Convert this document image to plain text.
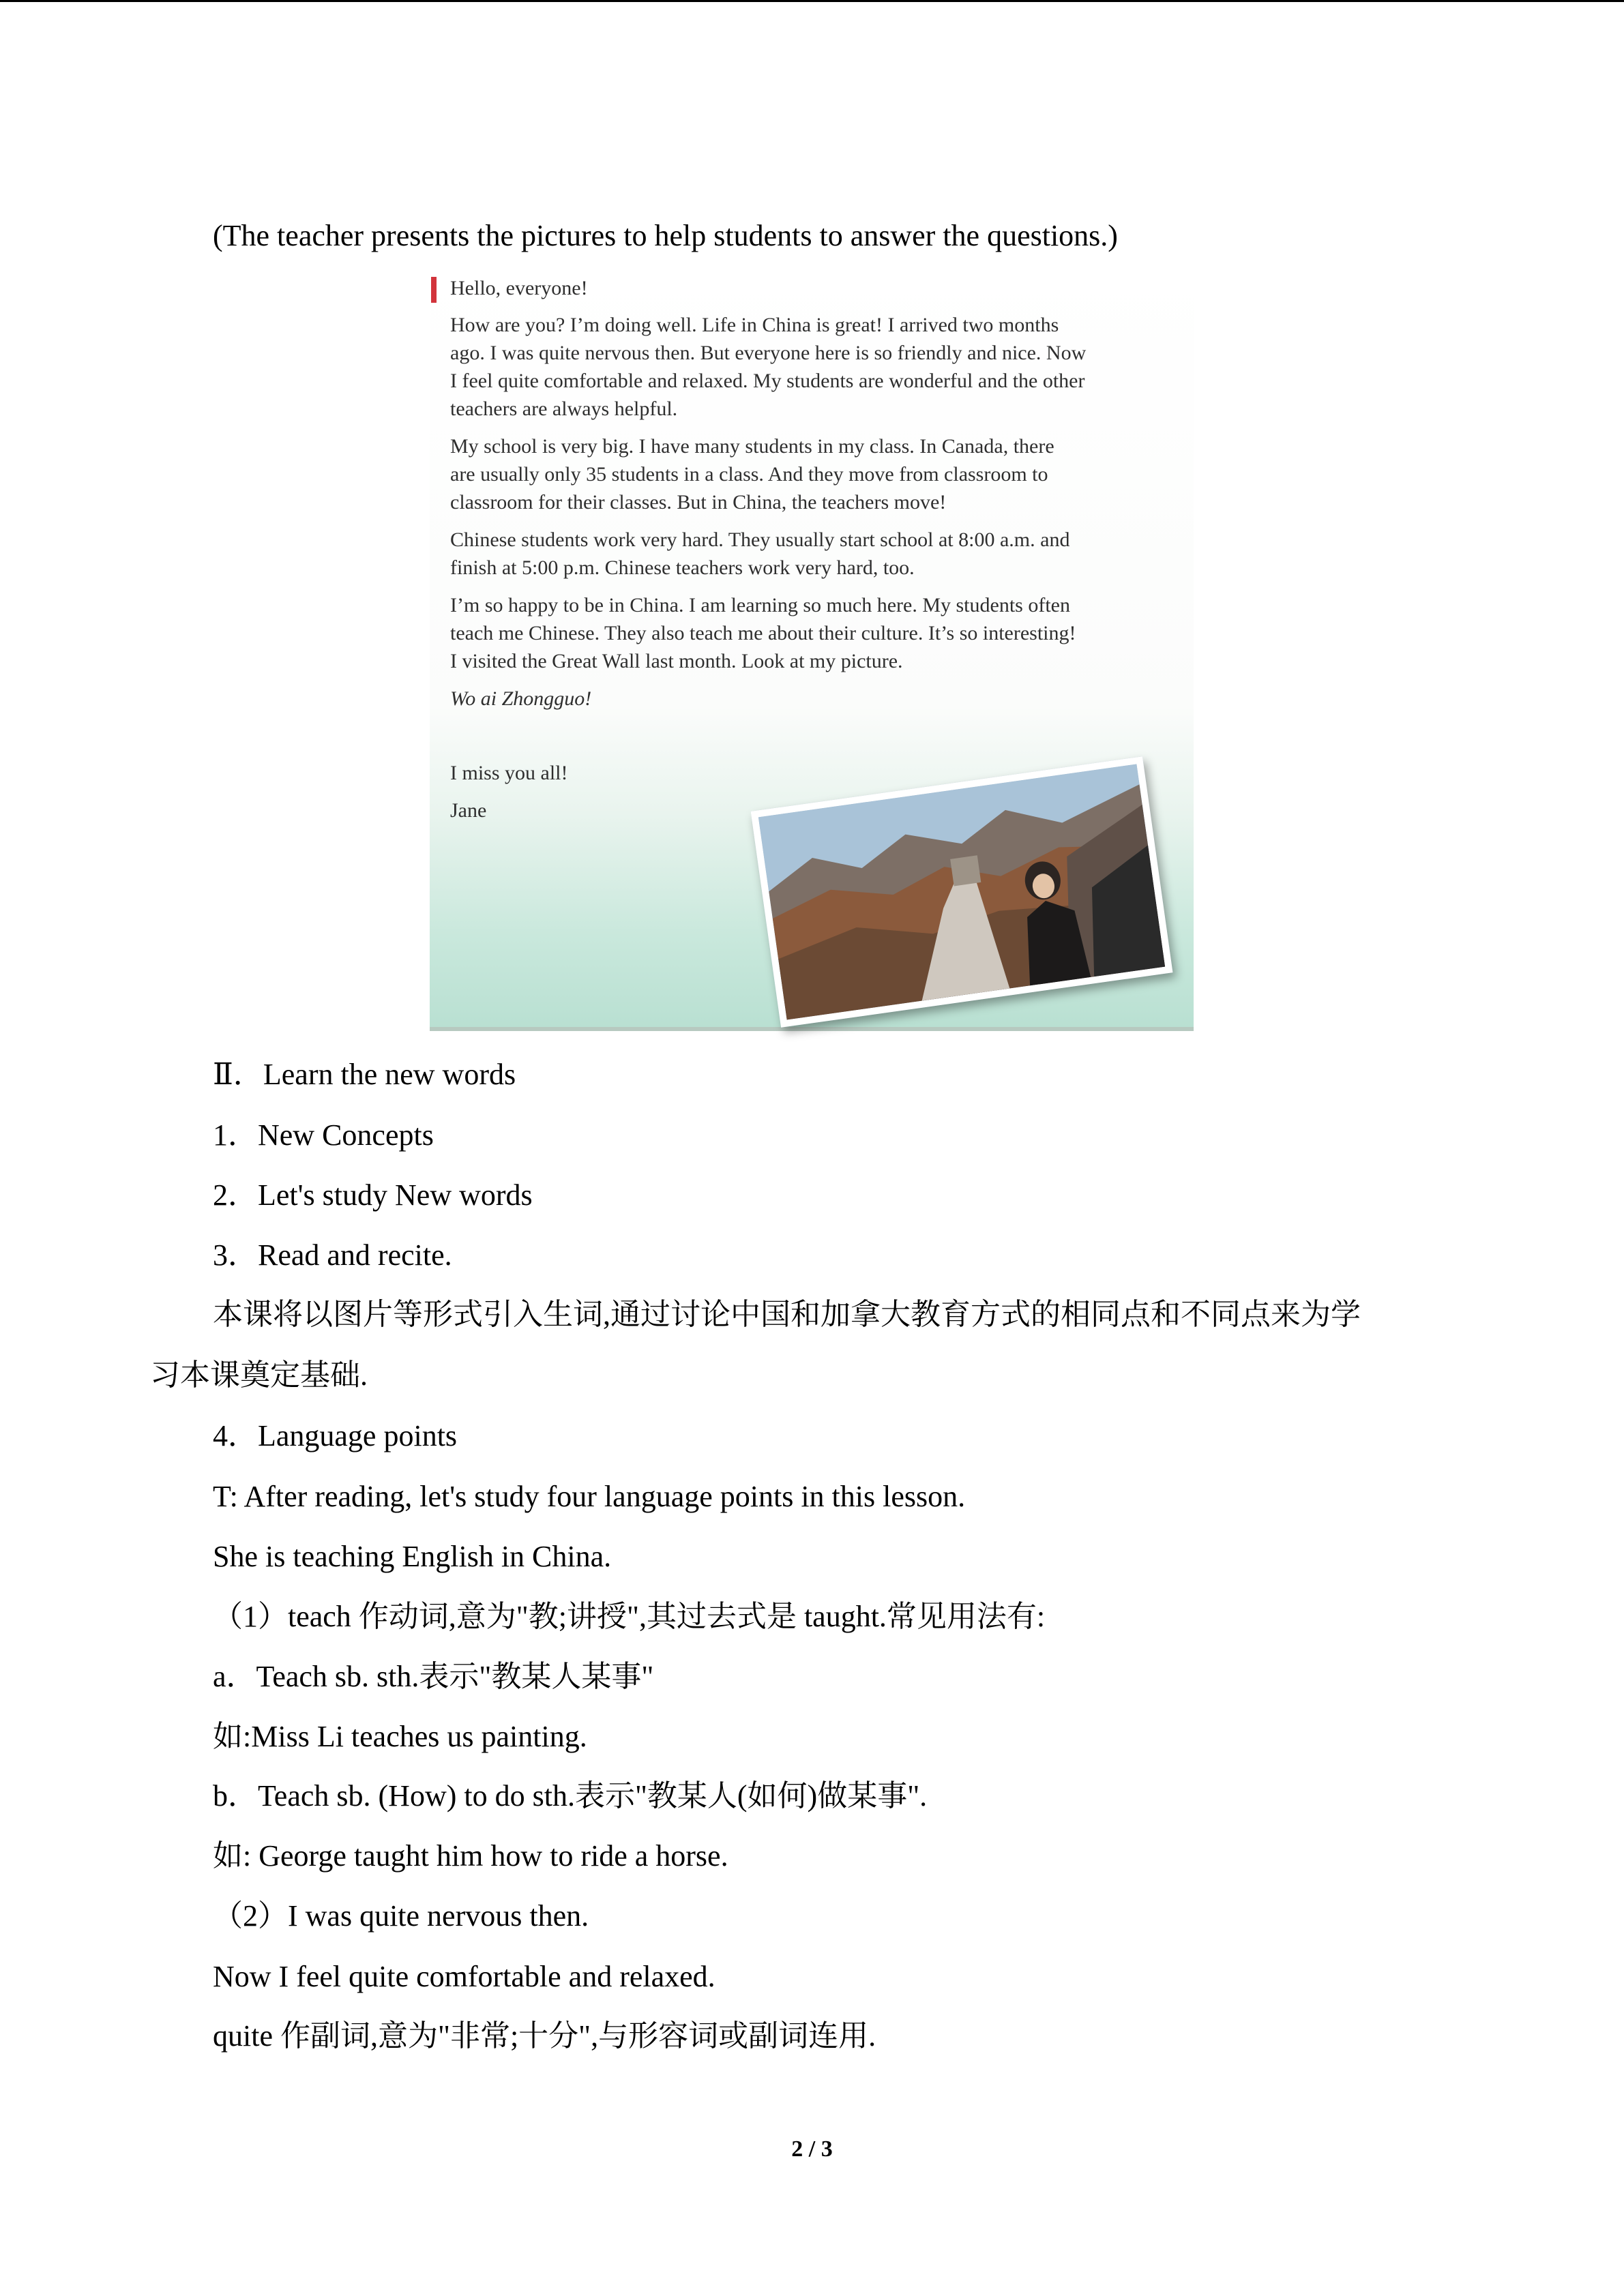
(The teacher presents the pictures to help students to answer the questions.)
Hello, everyone!
How are you? I’m doing well. Life in China is great! I arrived two months
ago. I was quite nervous then. But everyone here is so friendly and nice. Now
I feel quite comfortable and relaxed. My students are wonderful and the other
teachers are always helpful.
My school is very big. I have many students in my class. In Canada, there
are usually only 35 students in a class. And they move from classroom to
classroom for their classes. But in China, the teachers move!
Chinese students work very hard. They usually start school at 8:00 a.m. and
finish at 5:00 p.m. Chinese teachers work very hard, too.
I’m so happy to be in China. I am learning so much here. My students often
teach me Chinese. They also teach me about their culture. It’s so interesting!
I visited the Great Wall last month. Look at my picture.
Wo ai Zhongguo!
I miss you all!
Jane
Ⅱ．Learn the new words
1．New Concepts
2．Let's study New words
3．Read and recite.
本课将以图片等形式引入生词,通过讨论中国和加拿大教育方式的相同点和不同点来为学
习本课奠定基础.
4．Language points
T: After reading, let's study four language points in this lesson.
She is teaching English in China.
（1）teach 作动词,意为"教;讲授",其过去式是 taught.常见用法有:
a．Teach sb. sth.表示"教某人某事"
如:Miss Li teaches us painting.
b．Teach sb. (How) to do sth.表示"教某人(如何)做某事".
如: George taught him how to ride a horse.
（2）I was quite nervous then.
Now I feel quite comfortable and relaxed.
quite 作副词,意为"非常;十分",与形容词或副词连用.
2 / 3
